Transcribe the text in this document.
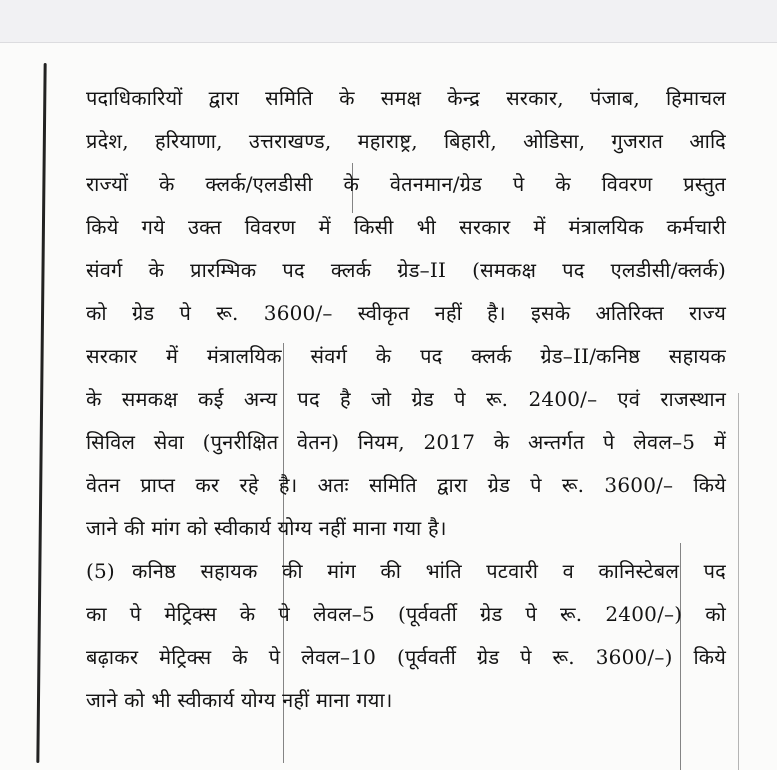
पदाधिकारियों द्वारा समिति के समक्ष केन्द्र सरकार, पंजाब, हिमाचल
प्रदेश, हरियाणा, उत्तराखण्ड, महाराष्ट्र, बिहारी, ओडिसा, गुजरात आदि
राज्यों के क्लर्क/एलडीसी के वेतनमान/ग्रेड पे के विवरण प्रस्तुत
किये गये उक्त विवरण में किसी भी सरकार में मंत्रालयिक कर्मचारी
संवर्ग के प्रारम्भिक पद क्लर्क ग्रेड–II (समकक्ष पद एलडीसी/क्लर्क)
को ग्रेड पे रू. 3600/– स्वीकृत नहीं है। इसके अतिरिक्त राज्य
सरकार में मंत्रालयिक संवर्ग के पद क्लर्क ग्रेड–II/कनिष्ठ सहायक
के समकक्ष कई अन्य पद है जो ग्रेड पे रू. 2400/– एवं राजस्थान
सिविल सेवा (पुनरीक्षित वेतन) नियम, 2017 के अन्तर्गत पे लेवल–5 में
वेतन प्राप्त कर रहे है। अतः समिति द्वारा ग्रेड पे रू. 3600/– किये
जाने की मांग को स्वीकार्य योग्य नहीं माना गया है।
(5) कनिष्ठ सहायक की मांग की भांति पटवारी व कानिस्टेबल पद
का पे मेट्रिक्स के पे लेवल–5 (पूर्ववर्ती ग्रेड पे रू. 2400/–) को
बढ़ाकर मेट्रिक्स के पे लेवल–10 (पूर्ववर्ती ग्रेड पे रू. 3600/–) किये
जाने को भी स्वीकार्य योग्य नहीं माना गया।
